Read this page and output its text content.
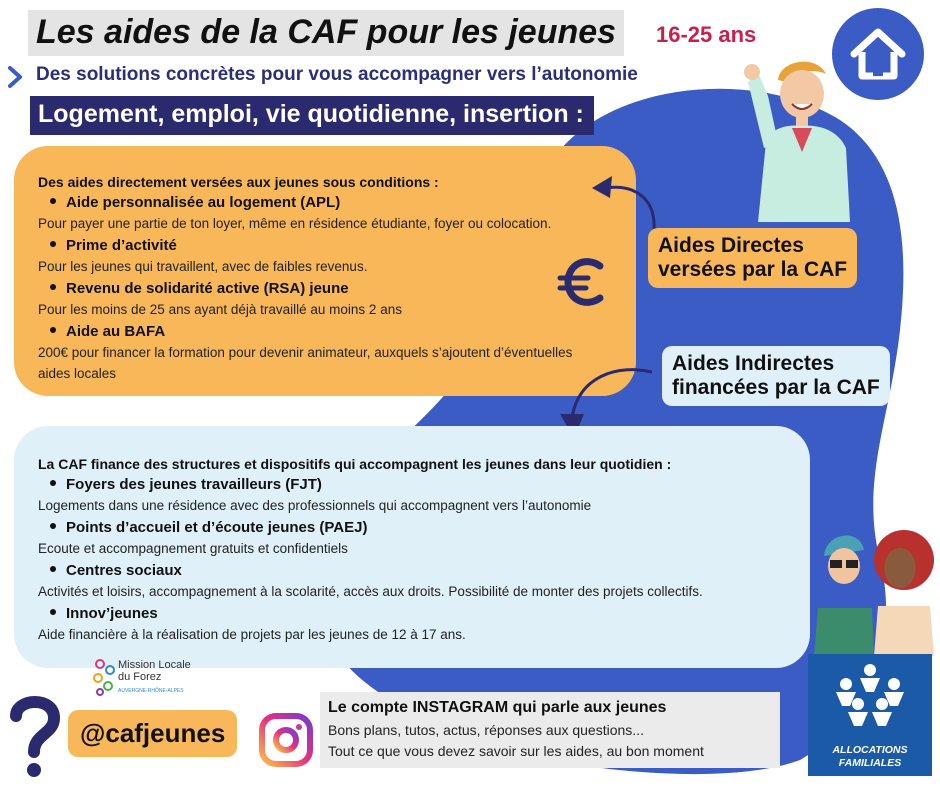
Les aides de la CAF pour les jeunes 16-25 ans
Des solutions concrètes pour vous accompagner vers l’autonomie
Logement, emploi, vie quotidienne, insertion :
Des aides directement versées aux jeunes sous conditions :
Aide personnalisée au logement (APL)
Pour payer une partie de ton loyer, même en résidence étudiante, foyer ou colocation.
Prime d’activité
Pour les jeunes qui travaillent, avec de faibles revenus.
Revenu de solidarité active (RSA) jeune
Pour les moins de 25 ans ayant déjà travaillé au moins 2 ans
Aide au BAFA
200€ pour financer la formation pour devenir animateur, auxquels s’ajoutent d’éventuelles aides locales
Aides Directes
versées par la CAF
Aides Indirectes
financées par la CAF
La CAF finance des structures et dispositifs qui accompagnent les jeunes dans leur quotidien :
Foyers des jeunes travailleurs (FJT)
Logements dans une résidence avec des professionnels qui accompagnent vers l’autonomie
Points d’accueil et d’écoute jeunes (PAEJ)
Ecoute et accompagnement gratuits et confidentiels
Centres sociaux
Activités et loisirs, accompagnement à la scolarité, accès aux droits. Possibilité de monter des projets collectifs.
Innov’jeunes
Aide financière à la réalisation de projets par les jeunes de 12 à 17 ans.
Mission Locale
du Forez
AUVERGNE-RHÔNE-ALPES
@cafjeunes
Le compte INSTAGRAM qui parle aux jeunes
Bons plans, tutos, actus, réponses aux questions...
Tout ce que vous devez savoir sur les aides, au bon moment	ALLOCATIONS
FAMILIALES
